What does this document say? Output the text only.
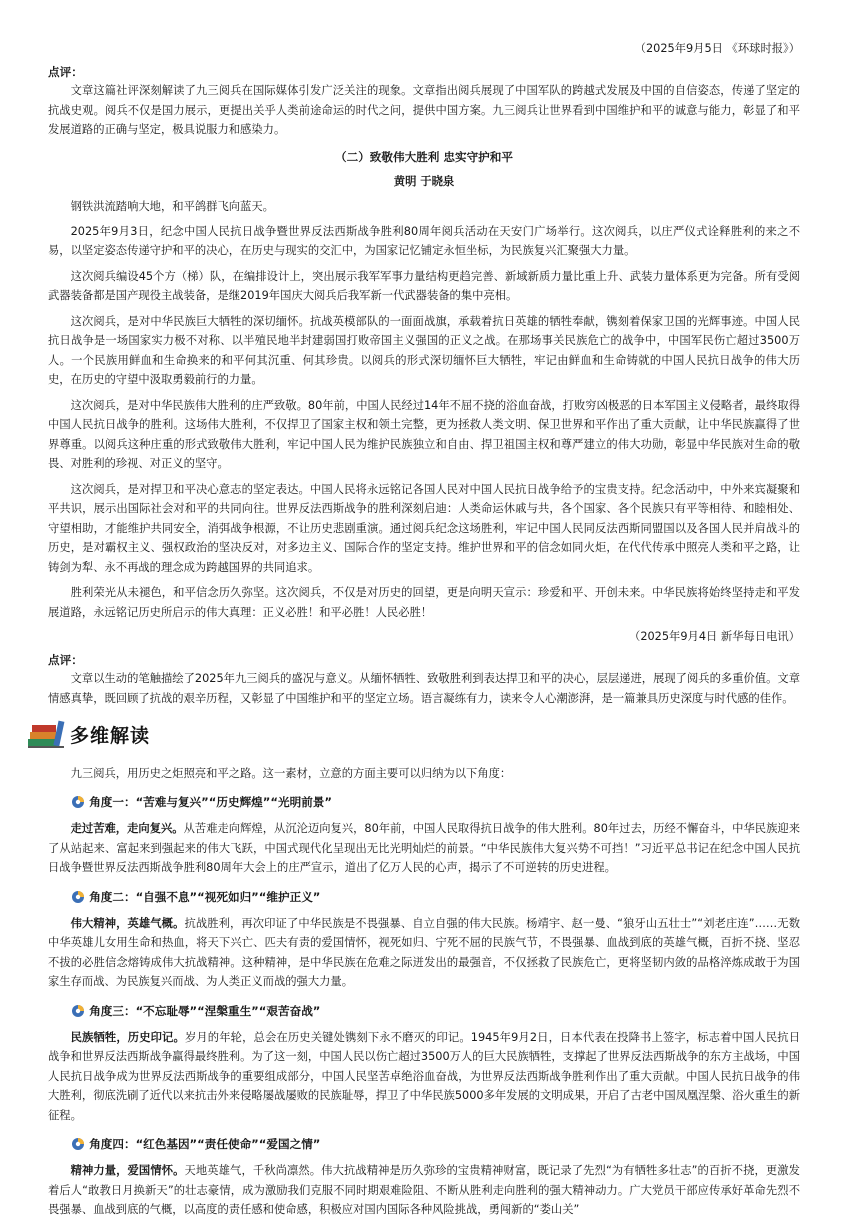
（2025年9月5日 《环球时报》）

点评：

文章这篇社评深刻解读了九三阅兵在国际媒体引发广泛关注的现象。文章指出阅兵展现了中国军队的跨越式发展及中国的自信姿态，传递了坚定的抗战史观。阅兵不仅是国力展示，更提出关乎人类前途命运的时代之问，提供中国方案。九三阅兵让世界看到中国维护和平的诚意与能力，彰显了和平发展道路的正确与坚定，极具说服力和感染力。

（二）致敬伟大胜利 忠实守护和平

黄明 于晓泉

钢铁洪流踏响大地，和平鸽群飞向蓝天。

2025年9月3日，纪念中国人民抗日战争暨世界反法西斯战争胜利80周年阅兵活动在天安门广场举行。这次阅兵，以庄严仪式诠释胜利的来之不易，以坚定姿态传递守护和平的决心，在历史与现实的交汇中，为国家记忆铺定永恒坐标，为民族复兴汇聚强大力量。

这次阅兵编设45个方（梯）队，在编排设计上，突出展示我军军事力量结构更趋完善、新域新质力量比重上升、武装力量体系更为完备。所有受阅武器装备都是国产现役主战装备，是继2019年国庆大阅兵后我军新一代武器装备的集中亮相。

这次阅兵，是对中华民族巨大牺牲的深切缅怀。抗战英模部队的一面面战旗，承载着抗日英雄的牺牲奉献，镌刻着保家卫国的光辉事迹。中国人民抗日战争是一场国家实力极不对称、以半殖民地半封建弱国打败帝国主义强国的正义之战。在那场事关民族危亡的战争中，中国军民伤亡超过3500万人。一个民族用鲜血和生命换来的和平何其沉重、何其珍贵。以阅兵的形式深切缅怀巨大牺牲，牢记由鲜血和生命铸就的中国人民抗日战争的伟大历史，在历史的守望中汲取勇毅前行的力量。

这次阅兵，是对中华民族伟大胜利的庄严致敬。80年前，中国人民经过14年不屈不挠的浴血奋战，打败穷凶极恶的日本军国主义侵略者，最终取得中国人民抗日战争的胜利。这场伟大胜利，不仅捍卫了国家主权和领土完整，更为拯救人类文明、保卫世界和平作出了重大贡献，让中华民族赢得了世界尊重。以阅兵这种庄重的形式致敬伟大胜利，牢记中国人民为维护民族独立和自由、捍卫祖国主权和尊严建立的伟大功勋，彰显中华民族对生命的敬畏、对胜利的珍视、对正义的坚守。

这次阅兵，是对捍卫和平决心意志的坚定表达。中国人民将永远铭记各国人民对中国人民抗日战争给予的宝贵支持。纪念活动中，中外来宾凝聚和平共识，展示出国际社会对和平的共同向往。世界反法西斯战争的胜利深刻启迪：人类命运休戚与共，各个国家、各个民族只有平等相待、和睦相处、守望相助，才能维护共同安全，消弭战争根源，不让历史悲剧重演。通过阅兵纪念这场胜利，牢记中国人民同反法西斯同盟国以及各国人民并肩战斗的历史，是对霸权主义、强权政治的坚决反对，对多边主义、国际合作的坚定支持。维护世界和平的信念如同火炬，在代代传承中照亮人类和平之路，让铸剑为犁、永不再战的理念成为跨越国界的共同追求。

胜利荣光从未褪色，和平信念历久弥坚。这次阅兵，不仅是对历史的回望，更是向明天宣示：珍爱和平、开创未来。中华民族将始终坚持走和平发展道路，永远铭记历史所启示的伟大真理：正义必胜！和平必胜！人民必胜！

（2025年9月4日 新华每日电讯）

点评：

文章以生动的笔触描绘了2025年九三阅兵的盛况与意义。从缅怀牺牲、致敬胜利到表达捍卫和平的决心，层层递进，展现了阅兵的多重价值。文章情感真挚，既回顾了抗战的艰辛历程，又彰显了中国维护和平的坚定立场。语言凝练有力，读来令人心潮澎湃，是一篇兼具历史深度与时代感的佳作。

多维解读

九三阅兵，用历史之炬照亮和平之路。这一素材，立意的方面主要可以归纳为以下角度：

角度一：“苦难与复兴”“历史辉煌”“光明前景”

走过苦难，走向复兴。从苦难走向辉煌，从沉沦迈向复兴，80年前，中国人民取得抗日战争的伟大胜利。80年过去，历经不懈奋斗，中华民族迎来了从站起来、富起来到强起来的伟大飞跃，中国式现代化呈现出无比光明灿烂的前景。“中华民族伟大复兴势不可挡！”习近平总书记在纪念中国人民抗日战争暨世界反法西斯战争胜利80周年大会上的庄严宣示，道出了亿万人民的心声，揭示了不可逆转的历史进程。

角度二：“自强不息”“视死如归”“维护正义”

伟大精神，英雄气概。抗战胜利，再次印证了中华民族是不畏强暴、自立自强的伟大民族。杨靖宇、赵一曼、“狼牙山五壮士”“刘老庄连”……无数中华英雄儿女用生命和热血，将天下兴亡、匹夫有责的爱国情怀，视死如归、宁死不屈的民族气节，不畏强暴、血战到底的英雄气概，百折不挠、坚忍不拔的必胜信念熔铸成伟大抗战精神。这种精神，是中华民族在危难之际迸发出的最强音，不仅拯救了民族危亡，更将坚韧内敛的品格淬炼成敢于为国家生存而战、为民族复兴而战、为人类正义而战的强大力量。

角度三：“不忘耻辱”“涅槃重生”“艰苦奋战”

民族牺牲，历史印记。岁月的年轮，总会在历史关键处镌刻下永不磨灭的印记。1945年9月2日，日本代表在投降书上签字，标志着中国人民抗日战争和世界反法西斯战争赢得最终胜利。为了这一刻，中国人民以伤亡超过3500万人的巨大民族牺牲，支撑起了世界反法西斯战争的东方主战场，中国人民抗日战争成为世界反法西斯战争的重要组成部分，中国人民坚苦卓绝浴血奋战，为世界反法西斯战争胜利作出了重大贡献。中国人民抗日战争的伟大胜利，彻底洗刷了近代以来抗击外来侵略屡战屡败的民族耻辱，捍卫了中华民族5000多年发展的文明成果，开启了古老中国凤凰涅槃、浴火重生的新征程。

角度四：“红色基因”“责任使命”“爱国之情”

精神力量，爱国情怀。天地英雄气，千秋尚凛然。伟大抗战精神是历久弥珍的宝贵精神财富，既记录了先烈“为有牺牲多壮志”的百折不挠，更激发着后人“敢教日月换新天”的壮志豪情，成为激励我们克服不同时期艰难险阻、不断从胜利走向胜利的强大精神动力。广大党员干部应传承好革命先烈不畏强暴、血战到底的气概，以高度的责任感和使命感，积极应对国内国际各种风险挑战，勇闯新的“娄山关”
